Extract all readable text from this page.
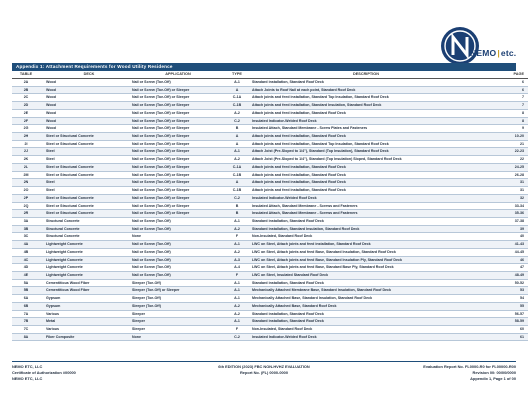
NEMO|etc.
Appendix 1: Attachment Requirements for Wood Utility Residence
TABLE	DECK	APPLICATION	TYPE	DESCRIPTION	PAGE
2A	Wood	Nail or Screw (Toe-Off)	A-1	Standard installation, Standard Roof Deck	6
2B	Wood	Nail or Screw (Toe-Off) or Sleeper	A	Attach Joints to Roof Nail at each point, Standard Roof Deck	6
2C	Wood	Nail or Screw (Toe-Off) or Sleeper	C-1A	Attach joints and feed installation, Standard Top Insulation, Standard Roof Deck	7
2D	Wood	Nail or Screw (Toe-Off) or Sleeper	C-1B	Attach joints and feed installation, Standard Insulation, Standard Roof Deck	7
2E	Wood	Nail or Screw (Toe-Off) or Sleeper	A-2	Attach joints and feed installation, Standard Roof Deck	8
2F	Wood	Nail or Screw (Toe-Off) or Sleeper	C-2	Insulated Indicator-Welded Roof Deck	8
2G	Wood	Nail or Screw (Toe-Off) or Sleeper	B	Insulated Attach, Standard Membrane - Screw Plates and Fasteners	9
2H	Steel or Structural Concrete	Nail or Screw (Toe-Off) or Sleeper	A	Attach joints and feed installation, Standard Roof Deck	10-20
2I	Steel or Structural Concrete	Nail or Screw (Toe-Off) or Sleeper	A	Attach joints and feed installation, Standard Top Insulation, Standard Roof Deck	21
2J	Steel	Nail or Screw (Toe-Off) or Sleeper	A-1	Attach Joist (Pre-Sloped to 1/4"), Standard (Top Insulation), Standard Roof Deck	22-23
2K	Steel	Nail or Screw (Toe-Off) or Sleeper	A-2	Attach Joist (Pre-Sloped to 1/4"), Standard (Top Insulation) Sloped, Standard Roof Deck	22
2L	Steel or Structural Concrete	Nail or Screw (Toe-Off) or Sleeper	C-1A	Attach joints and feed installation, Standard Roof Deck	24-25
2M	Steel or Structural Concrete	Nail or Screw (Toe-Off) or Sleeper	C-1B	Attach joints and feed installation, Standard Roof Deck	26-28
2N	Steel	Nail or Screw (Toe-Off) or Sleeper	A	Attach joints and feed installation, Standard Roof Deck	31
2O	Steel	Nail or Screw (Toe-Off) or Sleeper	C-1B	Attach joints and feed installation, Standard Roof Deck	31
2P	Steel or Structural Concrete	Nail or Screw (Toe-Off) or Sleeper	C-2	Insulated Indicator-Welded Roof Deck	32
2Q	Steel or Structural Concrete	Nail or Screw (Toe-Off) or Sleeper	B	Insulated Attach, Standard Membrane - Screws and Fasteners	33-34
2R	Steel or Structural Concrete	Nail or Screw (Toe-Off) or Sleeper	B	Insulated Attach, Standard Membrane - Screws and Fasteners	35-36
3A	Structural Concrete	Nail or Screw (Toe-Off)	A-1	Standard installation, Standard Roof Deck	37-38
3B	Structural Concrete	Nail or Screw (Toe-Off)	A-2	Standard installation, Standard Insulation, Standard Roof Deck	39
3C	Structural Concrete	None	F	Non-Insulated, Standard Roof Deck	40
4A	Lightweight Concrete	Nail or Screw (Toe-Off)	A-1	LWC on Steel, Attach joints and feed installation, Standard Roof Deck	41-43
4B	Lightweight Concrete	Nail or Screw (Toe-Off)	A-2	LWC on Steel, Attach joints and feed Base, Standard Insulation, Standard Roof Deck	44-45
4C	Lightweight Concrete	Nail or Screw (Toe-Off)	A-3	LWC on Steel, Attach joints and feed Base, Standard Insulation Ply, Standard Roof Deck	46
4D	Lightweight Concrete	Nail or Screw (Toe-Off)	A-4	LWC on Steel, Attach joints and feed Base, Standard Base Ply, Standard Roof Deck	47
4E	Lightweight Concrete	Nail or Screw (Toe-Off)	F	LWC on Steel, Insulated Standard Roof Deck	48-49
5A	Cementitious Wood Fiber	Sleeper (Toe-Off)	A-1	Standard installation, Standard Roof Deck	50-52
5B	Cementitious Wood Fiber	Sleeper (Toe-Off) or Sleeper	A-1	Mechanically Attached Membrane Base, Standard Insulation, Standard Roof Deck	53
6A	Gypsum	Sleeper (Toe-Off)	A-1	Mechanically Attached Base, Standard Insulation, Standard Roof Deck	54
6B	Gypsum	Sleeper (Toe-Off)	A-2	Mechanically Attached Base, Standard Roof Deck	55
7A	Various	Sleeper	A-2	Standard installation, Standard Roof Deck	56-57
7B	Metal	Sleeper	A-1	Standard installation, Standard Roof Deck	58-59
7C	Various	Sleeper	F	Non-Insulated, Standard Roof Deck	60
8A	Fiber Composite	None	C-2	Insulated Indicator-Welded Roof Deck	61
NEMO ETC, LLC
Certificate of Authorization #00000
NEMO ETC, LLC
6th EDITION (2023) FBC NON-HVHZ EVALUATION
Report No. (FL) 0000-0000
Evaluation Report No. FL0000-R0 for FL00000-R00
Revision 00: 00/00/0000
Appendix 1, Page 1 of 00
